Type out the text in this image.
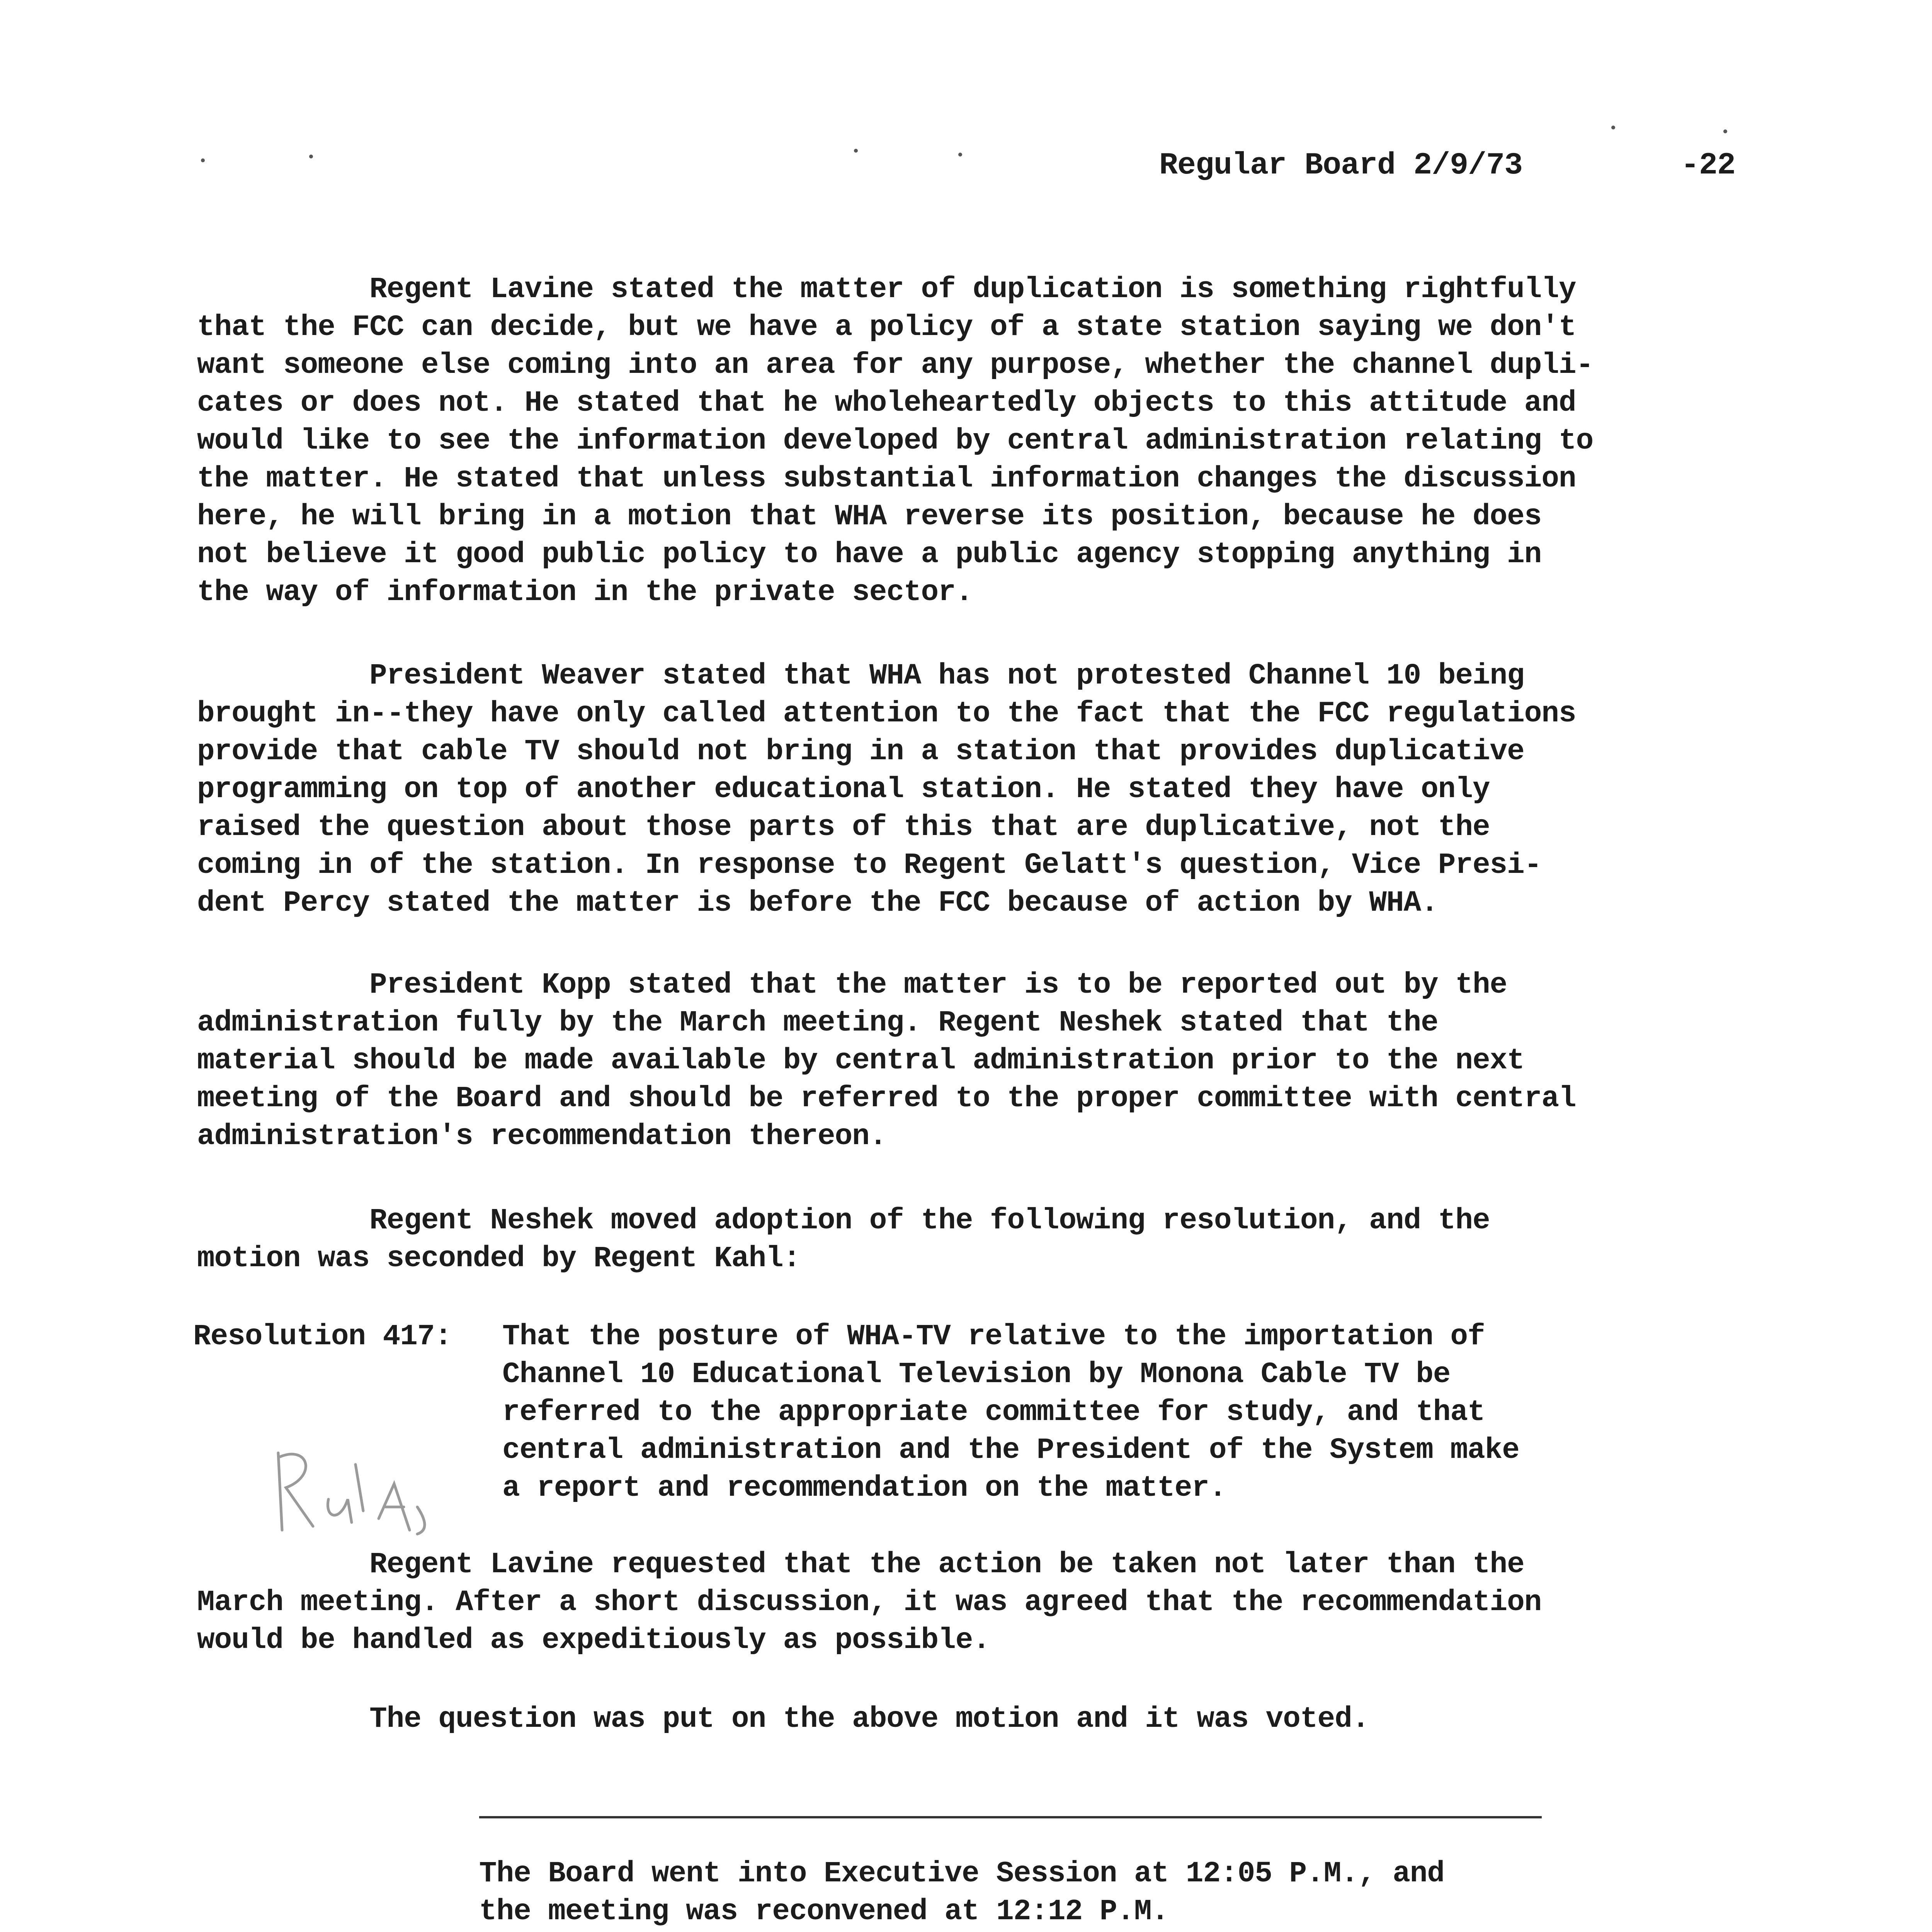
Regular Board 2/9/73	-22

Regent Lavine stated the matter of duplication is something rightfully
that the FCC can decide, but we have a policy of a state station saying we don't
want someone else coming into an area for any purpose, whether the channel dupli-
cates or does not. He stated that he wholeheartedly objects to this attitude and
would like to see the information developed by central administration relating to
the matter. He stated that unless substantial information changes the discussion
here, he will bring in a motion that WHA reverse its position, because he does
not believe it good public policy to have a public agency stopping anything in
the way of information in the private sector.

President Weaver stated that WHA has not protested Channel 10 being
brought in--they have only called attention to the fact that the FCC regulations
provide that cable TV should not bring in a station that provides duplicative
programming on top of another educational station. He stated they have only
raised the question about those parts of this that are duplicative, not the
coming in of the station. In response to Regent Gelatt's question, Vice Presi-
dent Percy stated the matter is before the FCC because of action by WHA.

President Kopp stated that the matter is to be reported out by the
administration fully by the March meeting. Regent Neshek stated that the
material should be made available by central administration prior to the next
meeting of the Board and should be referred to the proper committee with central
administration's recommendation thereon.

Regent Neshek moved adoption of the following resolution, and the
motion was seconded by Regent Kahl:

Resolution 417: That the posture of WHA-TV relative to the importation of
Channel 10 Educational Television by Monona Cable TV be
referred to the appropriate committee for study, and that
central administration and the President of the System make
a report and recommendation on the matter.

Regent Lavine requested that the action be taken not later than the
March meeting. After a short discussion, it was agreed that the recommendation
would be handled as expeditiously as possible.

The question was put on the above motion and it was voted.

The Board went into Executive Session at 12:05 P.M., and
the meeting was reconvened at 12:12 P.M.
